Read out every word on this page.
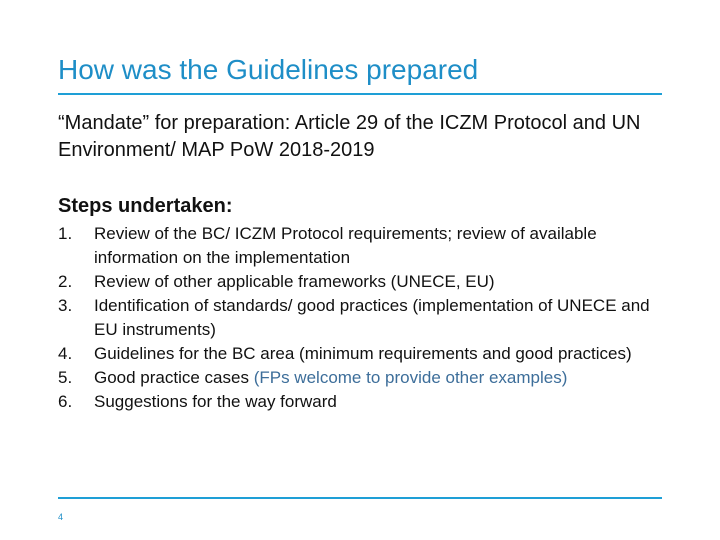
How was the Guidelines prepared
“Mandate” for preparation: Article 29 of the ICZM Protocol and UN Environment/ MAP PoW 2018-2019
Steps undertaken:
1. Review of the BC/ ICZM Protocol requirements; review of available information on the implementation
2. Review of other applicable frameworks (UNECE, EU)
3. Identification of standards/ good practices (implementation of UNECE and EU instruments)
4. Guidelines for the BC area (minimum requirements and good practices)
5. Good practice cases (FPs welcome to provide other examples)
6. Suggestions for the way forward
4
